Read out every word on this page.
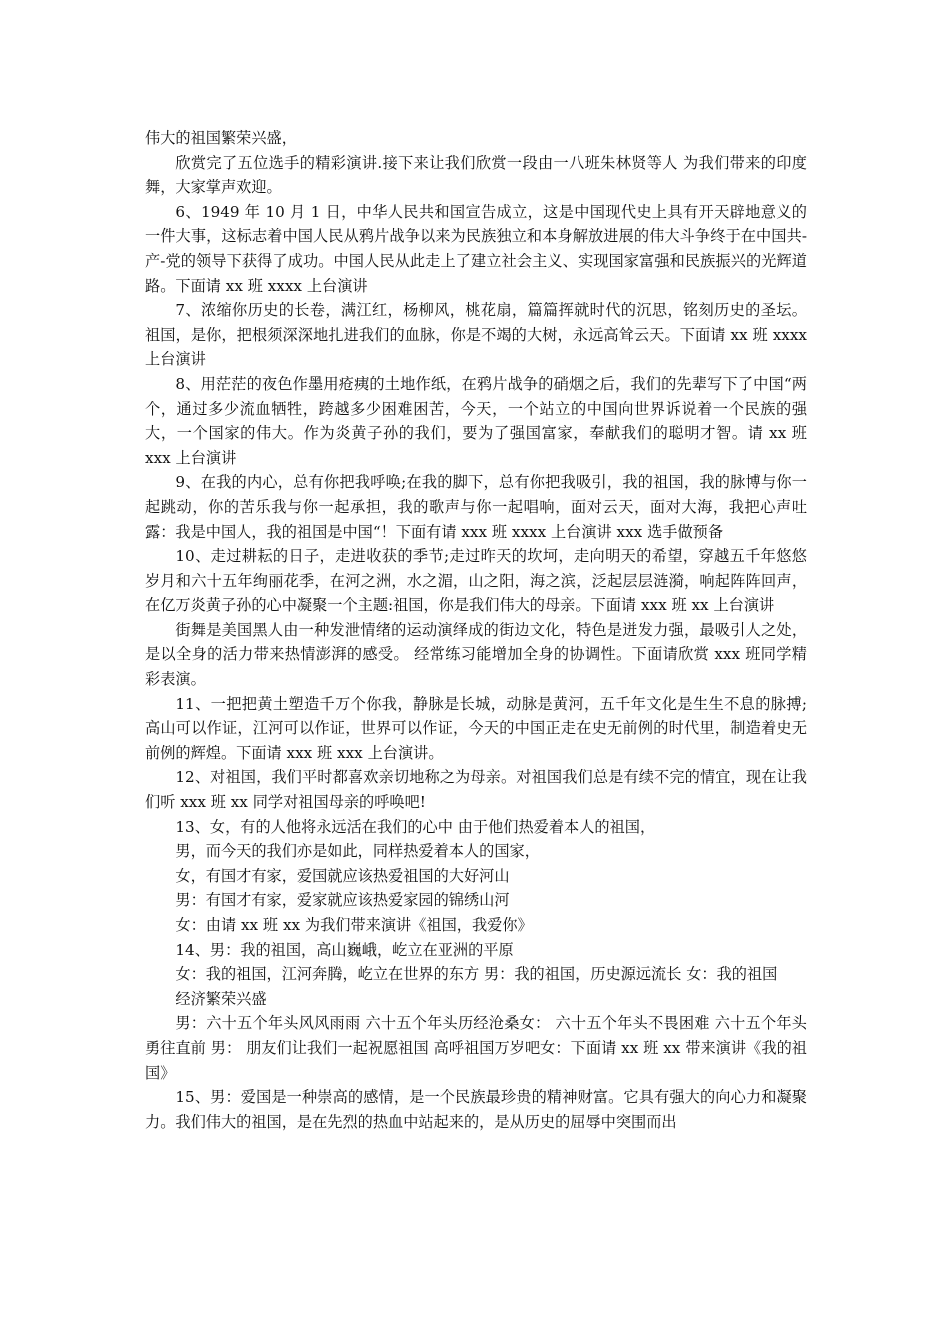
伟大的祖国繁荣兴盛，

欣赏完了五位选手的精彩演讲.接下来让我们欣赏一段由一八班朱林贤等人 为我们带来的印度舞，大家掌声欢迎。

6、1949 年 10 月 1 日，中华人民共和国宣告成立，这是中国现代史上具有开天辟地意义的一件大事，这标志着中国人民从鸦片战争以来为民族独立和本身解放进展的伟大斗争终于在中国共-产-党的领导下获得了成功。中国人民从此走上了建立社会主义、实现国家富强和民族振兴的光辉道路。下面请 xx 班 xxxx 上台演讲

7、浓缩你历史的长卷，满江红，杨柳风，桃花扇，篇篇挥就时代的沉思，铭刻历史的圣坛。祖国，是你，把根须深深地扎进我们的血脉，你是不竭的大树，永远高耸云天。下面请 xx 班 xxxx 上台演讲

8、用茫茫的夜色作墨用疮痍的土地作纸，在鸦片战争的硝烟之后，我们的先辈写下了中国“两个，通过多少流血牺牲，跨越多少困难困苦，今天，一个站立的中国向世界诉说着一个民族的强大，一个国家的伟大。作为炎黄子孙的我们，要为了强国富家，奉献我们的聪明才智。请 xx 班 xxx 上台演讲

9、在我的内心，总有你把我呼唤;在我的脚下，总有你把我吸引，我的祖国，我的脉博与你一起跳动，你的苦乐我与你一起承担，我的歌声与你一起唱响，面对云天，面对大海，我把心声吐露：我是中国人，我的祖国是中国“！下面有请 xxx 班 xxxx 上台演讲 xxx 选手做预备

10、走过耕耘的日子，走进收获的季节;走过昨天的坎坷，走向明天的希望，穿越五千年悠悠岁月和六十五年绚丽花季，在河之洲，水之湄，山之阳，海之滨，泛起层层涟漪，响起阵阵回声，在亿万炎黄子孙的心中凝聚一个主题:祖国，你是我们伟大的母亲。下面请 xxx 班 xx 上台演讲

街舞是美国黑人由一种发泄情绪的运动演绎成的街边文化，特色是迸发力强，最吸引人之处，是以全身的活力带来热情澎湃的感受。 经常练习能增加全身的协调性。下面请欣赏 xxx 班同学精彩表演。

11、一把把黄土塑造千万个你我，静脉是长城，动脉是黄河，五千年文化是生生不息的脉搏;高山可以作证，江河可以作证，世界可以作证，今天的中国正走在史无前例的时代里，制造着史无前例的辉煌。下面请 xxx 班 xxx 上台演讲。

12、对祖国，我们平时都喜欢亲切地称之为母亲。对祖国我们总是有续不完的情宜，现在让我们听 xxx 班 xx 同学对祖国母亲的呼唤吧!

13、女，有的人他将永远活在我们的心中 由于他们热爱着本人的祖国，

男，而今天的我们亦是如此，同样热爱着本人的国家，

女，有国才有家，爱国就应该热爱祖国的大好河山

男：有国才有家，爱家就应该热爱家园的锦绣山河

女：由请 xx 班 xx 为我们带来演讲《祖国，我爱你》

14、男：我的祖国，高山巍峨，屹立在亚洲的平原

女：我的祖国，江河奔腾，屹立在世界的东方 男：我的祖国，历史源远流长 女：我的祖国

经济繁荣兴盛

男：六十五个年头风风雨雨 六十五个年头历经沧桑女： 六十五个年头不畏困难 六十五个年头勇往直前 男： 朋友们让我们一起祝愿祖国 高呼祖国万岁吧女：下面请 xx 班 xx 带来演讲《我的祖国》

15、男：爱国是一种崇高的感情，是一个民族最珍贵的精神财富。它具有强大的向心力和凝聚力。我们伟大的祖国，是在先烈的热血中站起来的，是从历史的屈辱中突围而出
